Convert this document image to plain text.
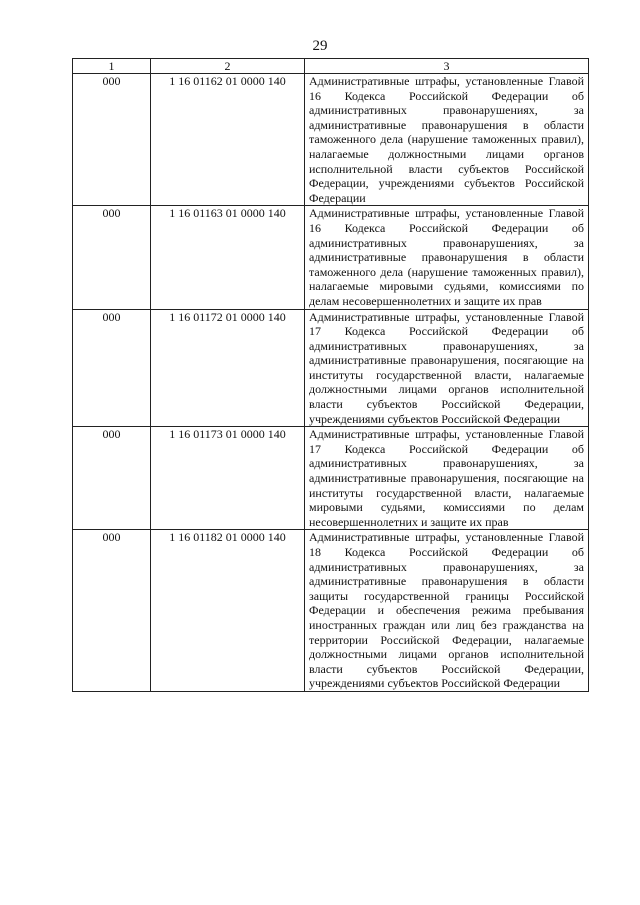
29
1	2	3
000	1 16 01162 01 0000 140	Административные штрафы, установленные Главой 16 Кодекса Российской Федерации об административных правонарушениях, за административные правонарушения в области таможенного дела (нарушение таможенных правил), налагаемые должностными лицами органов исполнительной власти субъектов Российской Федерации, учреждениями субъектов Российской Федерации
000	1 16 01163 01 0000 140	Административные штрафы, установленные Главой 16 Кодекса Российской Федерации об административных правонарушениях, за административные правонарушения в области таможенного дела (нарушение таможенных правил), налагаемые мировыми судьями, комиссиями по делам несовершеннолетних и защите их прав
000	1 16 01172 01 0000 140	Административные штрафы, установленные Главой 17 Кодекса Российской Федерации об административных правонарушениях, за административные правонарушения, посягающие на институты государственной власти, налагаемые должностными лицами органов исполнительной власти субъектов Российской Федерации, учреждениями субъектов Российской Федерации
000	1 16 01173 01 0000 140	Административные штрафы, установленные Главой 17 Кодекса Российской Федерации об административных правонарушениях, за административные правонарушения, посягающие на институты государственной власти, налагаемые мировыми судьями, комиссиями по делам несовершеннолетних и защите их прав
000	1 16 01182 01 0000 140	Административные штрафы, установленные Главой 18 Кодекса Российской Федерации об административных правонарушениях, за административные правонарушения в области защиты государственной границы Российской Федерации и обеспечения режима пребывания иностранных граждан или лиц без гражданства на территории Российской Федерации, налагаемые должностными лицами органов исполнительной власти субъектов Российской Федерации, учреждениями субъектов Российской Федерации
